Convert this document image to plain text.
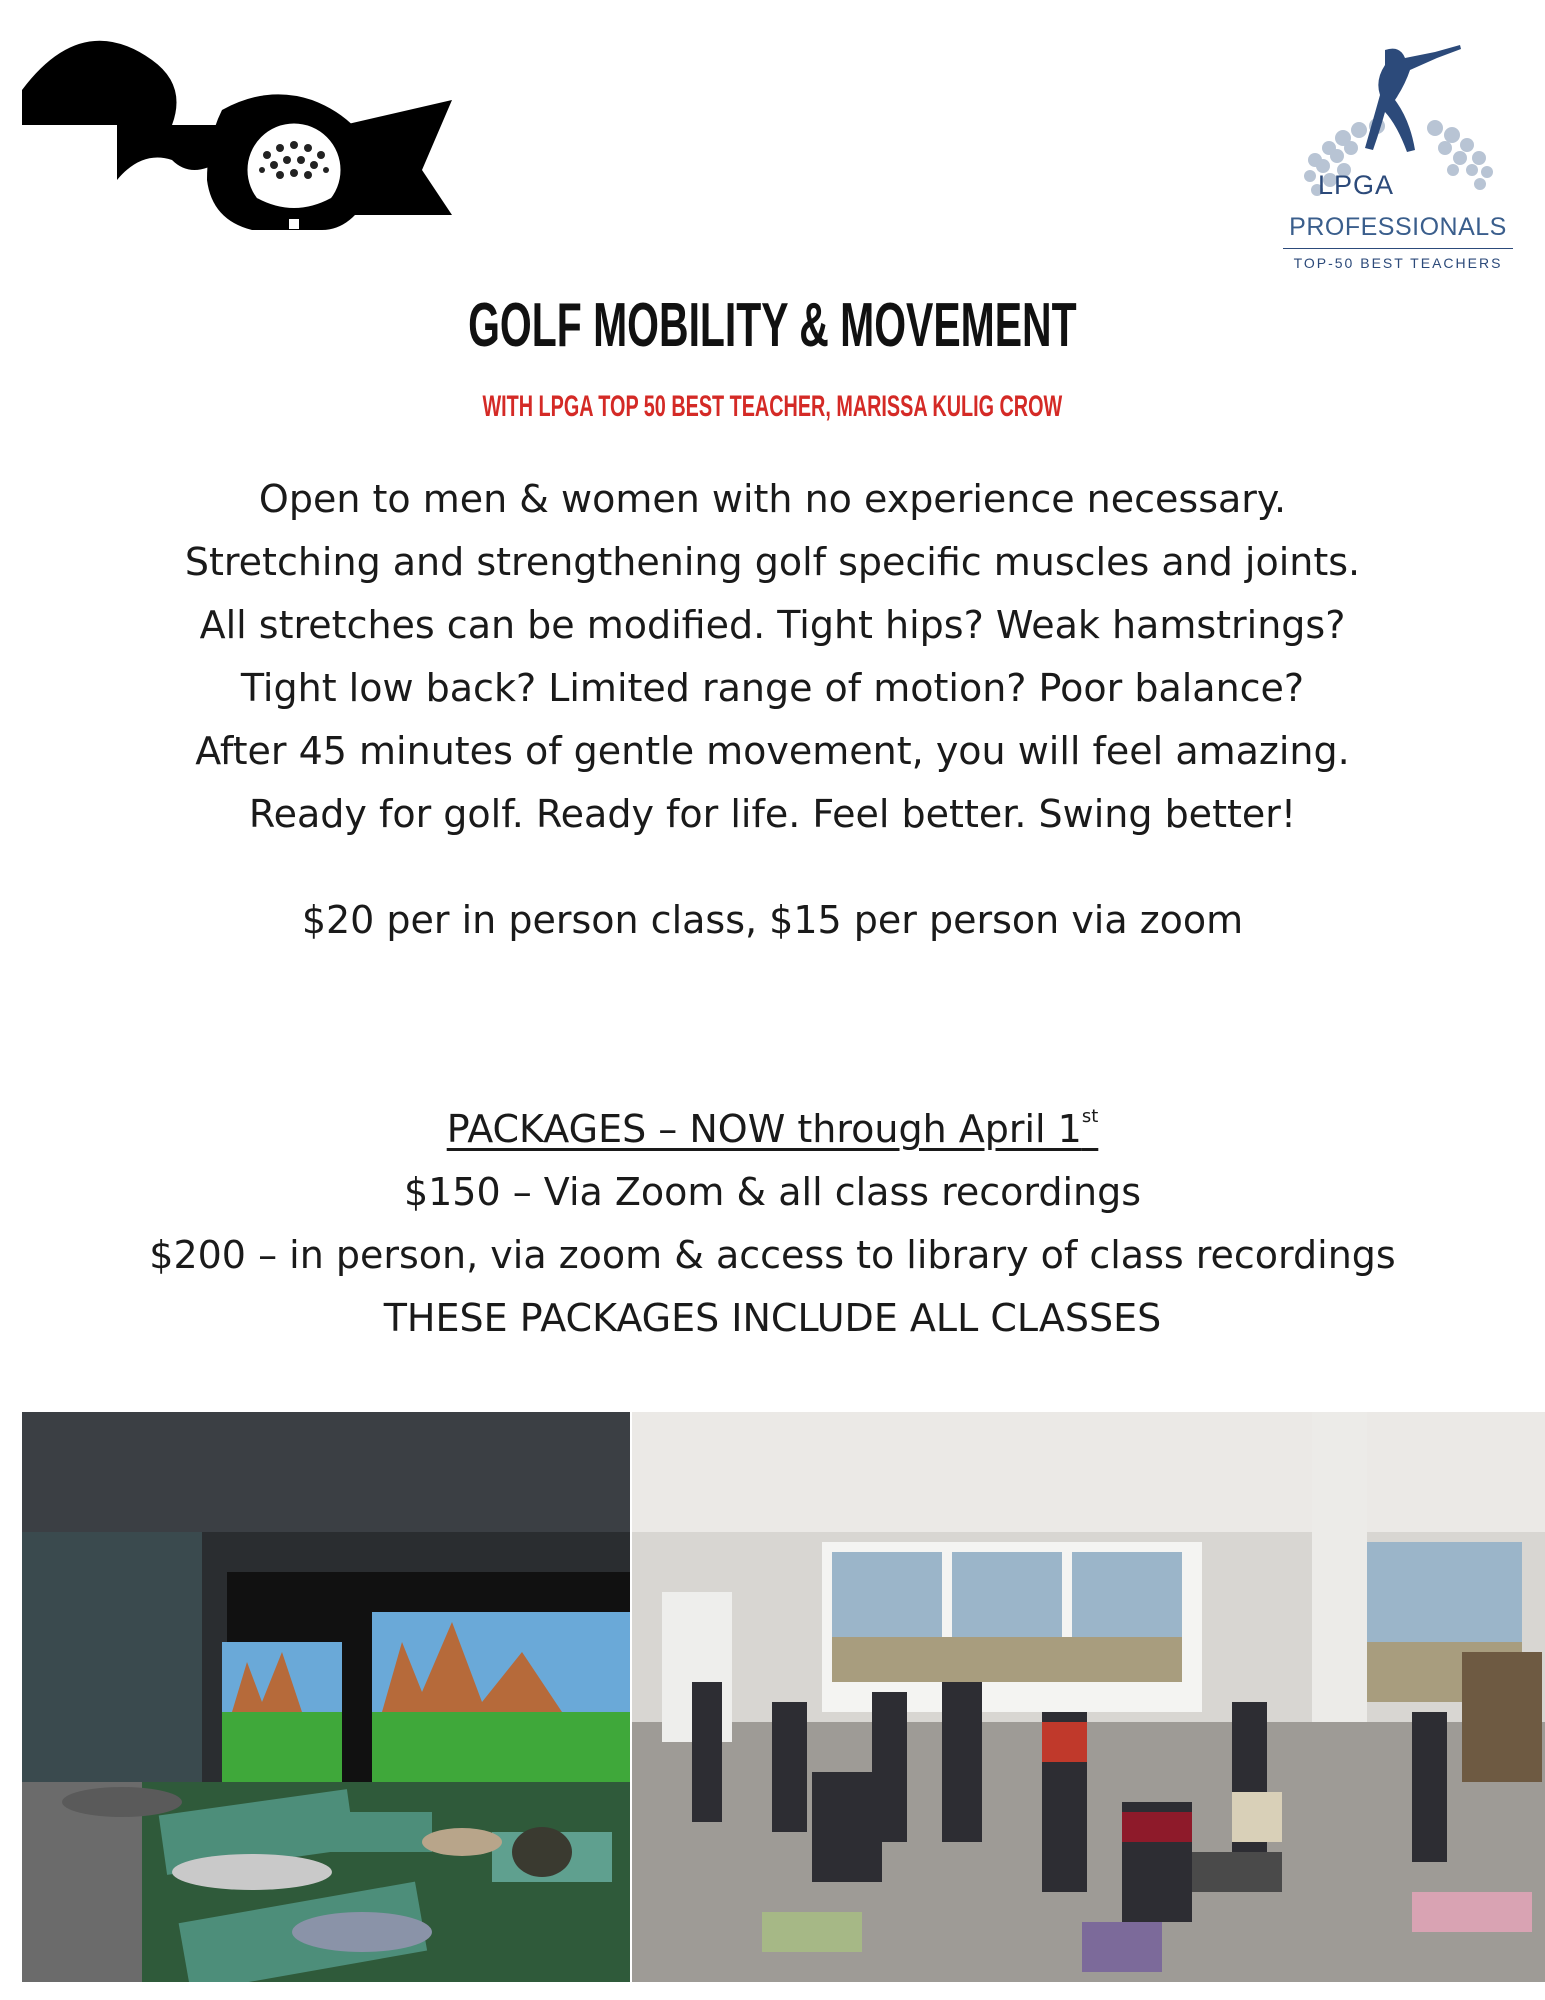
LPGA
PROFESSIONALS
TOP-50 BEST TEACHERS
GOLF MOBILITY & MOVEMENT
WITH LPGA TOP 50 BEST TEACHER, MARISSA KULIG CROW
Open to men & women with no experience necessary.
Stretching and strengthening golf specific muscles and joints.
All stretches can be modified. Tight hips? Weak hamstrings?
Tight low back? Limited range of motion? Poor balance?
After 45 minutes of gentle movement, you will feel amazing.
Ready for golf. Ready for life. Feel better. Swing better!
$20 per in person class, $15 per person via zoom
PACKAGES – NOW through April 1st
$150 – Via Zoom & all class recordings
$200 – in person, via zoom & access to library of class recordings
THESE PACKAGES INCLUDE ALL CLASSES
